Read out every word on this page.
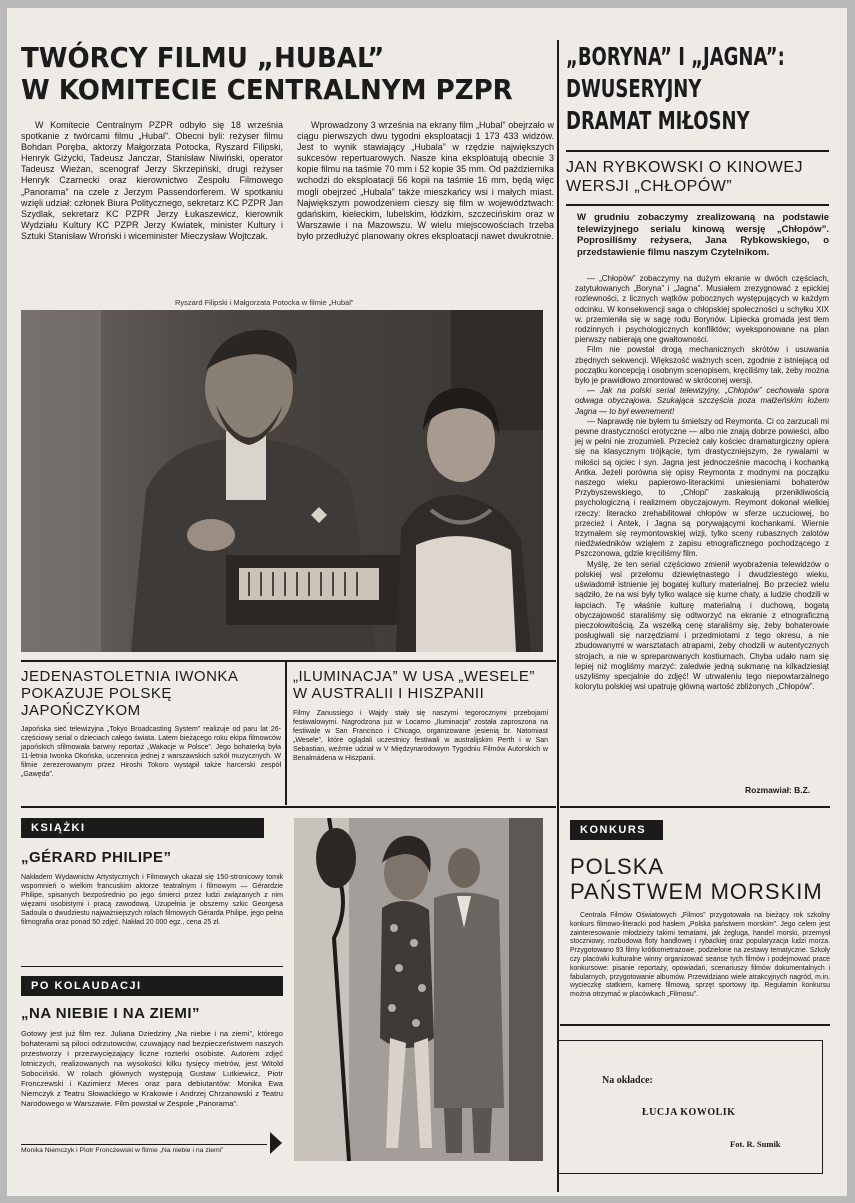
TWÓRCY FILMU „HUBAL”
W KOMITECIE CENTRALNYM PZPR

W Komitecie Centralnym PZPR odbyło się 18 września spotkanie z twórcami filmu „Hubal”. Obecni byli: reżyser filmu Bohdan Poręba, aktorzy Małgorzata Potocka, Ryszard Filipski, Henryk Giżycki, Tadeusz Janczar, Stanisław Niwiński, operator Tadeusz Wieżan, scenograf Jerzy Skrzepiński, drugi reżyser Henryk Czarnecki oraz kierownictwo Zespołu Filmowego „Panorama” na czele z Jerzym Passendorferem. W spotkaniu wzięli udział: członek Biura Politycznego, sekretarz KC PZPR Jan Szydlak, sekretarz KC PZPR Jerzy Łukaszewicz, kierownik Wydziału Kultury KC PZPR Jerzy Kwiatek, minister Kultury i Sztuki Stanisław Wroński i wiceminister Mieczysław Wojtczak.

Wprowadzony 3 września na ekrany film „Hubal” obejrzało w ciągu pierwszych dwu tygodni eksploatacji 1 173 433 widzów. Jest to wynik stawiający „Hubala” w rzędzie największych sukcesów repertuarowych. Nasze kina eksploatują obecnie 3 kopie filmu na taśmie 70 mm i 52 kopie 35 mm. Od października wchodzi do eksploatacji 56 kopii na taśmie 16 mm, będą więc mogli obejrzeć „Hubala” także mieszkańcy wsi i małych miast. Największym powodzeniem cieszy się film w województwach: gdańskim, kieleckim, lubelskim, łódzkim, szczecińskim oraz w Warszawie i na Mazowszu. W wielu miejscowościach trzeba było przedłużyć planowany okres eksploatacji nawet dwukrotnie.

Ryszard Filipski i Małgorzata Potocka w filmie „Hubal”
„BORYNA” I „JAGNA”:
DWUSERYJNY
DRAMAT MIŁOSNY

JAN RYBKOWSKI O KINOWEJ WERSJI „CHŁOPÓW”

W grudniu zobaczymy zrealizowaną na podstawie telewizyjnego serialu kinową wersję „Chłopów”. Poprosiliśmy reżysera, Jana Rybkowskiego, o przedstawienie filmu naszym Czytelnikom.

— „Chłopów” zobaczymy na dużym ekranie w dwóch częściach, zatytułowanych „Boryna” i „Jagna”. Musiałem zrezygnować z epickiej rozlewności, z licznych wątków pobocznych występujących w każdym odcinku. W konsekwencji saga o chłopskiej społeczności u schyłku XIX w. przemieniła się w sagę rodu Borynów. Lipiecka gromada jest tłem rodzinnych i psychologicznych konfliktów; wyeksponowane na plan pierwszy nabierają one gwałtowności.

Film nie powstał drogą mechanicznych skrótów i usuwania zbędnych sekwencji. Większość ważnych scen, zgodnie z istniejącą od początku koncepcją i osobnym scenopisem, kręciliśmy tak, żeby można było je prawidłowo zmontować w skróconej wersji.

— Jak na polski serial telewizyjny, „Chłopów” cechowała spora odwaga obyczajowa. Szukająca szczęścia poza małżeńskim łożem Jagna — to był ewenement!

— Naprawdę nie byłem tu śmielszy od Reymonta. Ci co zarzucali mi pewne drastyczności erotyczne — albo nie znają dobrze powieści, albo jej w pełni nie zrozumieli. Przecież cały kościec dramaturgiczny opiera się na klasycznym trójkącie, tym drastyczniejszym, że rywalami w miłości są ojciec i syn. Jagna jest jednocześnie macochą i kochanką Antka. Jeżeli porówna się opisy Reymonta z modnymi na początku naszego wieku papierowo-literackimi uniesieniami bohaterów Przybyszewskiego, to „Chłopi” zaskakują przenikliwością psychologiczną i realizmem obyczajowym. Reymont dokonał wielkiej rzeczy: literacko zrehabilitował chłopów w sferze uczuciowej, bo przecież i Antek, i Jagna są porywającymi kochankami. Wiernie trzymałem się reymontowskiej wizji, tylko sceny rubasznych zalotów niedźwiedników wziąłem z zapisu etnograficznego pochodzącego z Pszczonowa, gdzie kręciliśmy film.

Myślę, że ten serial częściowo zmienił wyobrażenia telewidzów o polskiej wsi przełomu dziewiętnastego i dwudziestego wieku, uświadomił istnienie jej bogatej kultury materialnej. Bo przecież wielu sądziło, że na wsi były tylko walące się kurne chaty, a ludzie chodzili w łapciach. Tę właśnie kulturę materialną i duchową, bogatą obyczajowość staraliśmy się odtworzyć na ekranie z etnograficzną pieczołowitością. Za wszelką cenę staraliśmy się, żeby bohaterowie posługiwali się narzędziami i przedmiotami z tego okresu, a nie zbudowanymi w warsztatach atrapami, żeby chodzili w autentycznych strojach, a nie w spreparowanych kostiumach. Chyba udało nam się lepiej niż mogliśmy marzyć: zaledwie jedną sukmanę na kilkadziesiąt uszyliśmy specjalnie do zdjęć! W utrwaleniu tego niepowtarzalnego kolorytu polskiej wsi upatruję główną wartość zbliżonych „Chłopów”.

Rozmawiał: B.Z.

JEDENASTOLETNIA IWONKA POKAZUJE POLSKĘ JAPOŃCZYKOM

Japońska sieć telewizyjna „Tokyo Broadcasting System” realizuje od paru lat 26-częściowy serial o dzieciach całego świata. Latem bieżącego roku ekipa filmowców japońskich sfilmowała barwny reportaż „Wakacje w Polsce”. Jego bohaterką była 11-letnia Iwonka Okońska, uczennica jednej z warszawskich szkół muzycznych. W filmie zerezerowanym przez Hiroshi Tokoro wystąpił także harcerski zespół „Gawęda”.

„ILUMINACJA” W USA „WESELE” W AUSTRALII I HISZPANII

Filmy Zanussiego i Wajdy stały się naszymi tegorocznymi przebojami festiwalowymi. Nagrodzona już w Locarno „Iluminacja” została zaproszona na festiwale w San Francisco i Chicago, organizowane jesienią br. Natomiast „Wesele”, które oglądali uczestnicy festiwali w australijskim Perth i w San Sebastian, weźmie udział w V Międzynarodowym Tygodniu Filmów Autorskich w Benalmádena w Hiszpanii.

KSIĄŻKI

„GÉRARD PHILIPE”

Nakładem Wydawnictw Artystycznych i Filmowych ukazał się 150-stronicowy tomik wspomnień o wielkim francuskim aktorze teatralnym i filmowym — Gérardzie Philipe, spisanych bezpośrednio po jego śmierci przez ludzi związanych z nim więzami osobistymi i pracą zawodową. Uzupełnia je obszerny szkic Georgesa Sadoula o dwudziestu najważniejszych rolach filmowych Gérarda Philipe, jego pełna filmografia oraz ponad 50 zdjęć. Nakład 20 000 egz., cena 25 zł.

PO KOLAUDACJI

„NA NIEBIE I NA ZIEMI”

Gotowy jest już film rez. Juliana Dziedziny „Na niebie i na ziemi”, którego bohaterami są piloci odrzutowców, czuwający nad bezpieczeństwem naszych przestworzy i przezwyciężający liczne rozterki osobiste. Autorem zdjęć lotniczych, realizowanych na wysokości kilku tysięcy metrów, jest Witold Sobociński. W rolach głównych występują Gustaw Lutkiewicz, Piotr Fronczewski i Kazimierz Meres oraz para debiutantów: Monika Ewa Niemczyk z Teatru Słowackiego w Krakowie i Andrzej Chrzanowski z Teatru Narodowego w Warszawie. Film powstał w Zespole „Panorama”.

Monika Niemczyk i Piotr Fronczewski w filmie „Na niebie i na ziemi”

KONKURS

POLSKA

PAŃSTWEM MORSKIM

Centrala Filmów Oświatowych „Filmos” przygotowała na bieżący rok szkolny konkurs filmowo-literacki pod hasłem „Polska państwem morskim”. Jego celem jest zainteresowanie młodzieży takimi tematami, jak żegluga, handel morski, przemysł stoczniowy, rozbudowa floty handlowej i rybackiej oraz popularyzacja ludzi morza. Przygotowano 93 filmy krótkometrażowe, podzielone na zestawy tematyczne. Szkoły czy placówki kulturalne winny organizować seanse tych filmów i podejmować prace konkursowe: pisanie reportaży, opowiadań, scenariuszy filmów dokumentalnych i fabularnych, przygotowanie albumów. Przewidziano wiele atrakcyjnych nagród, m.in. wycieczkę statkiem, kamerę filmową, sprzęt sportowy itp. Regulamin konkursu można otrzymać w placówkach „Filmosu”.

Na okładce:
ŁUCJA KOWOLIK
Fot. R. Sumik
